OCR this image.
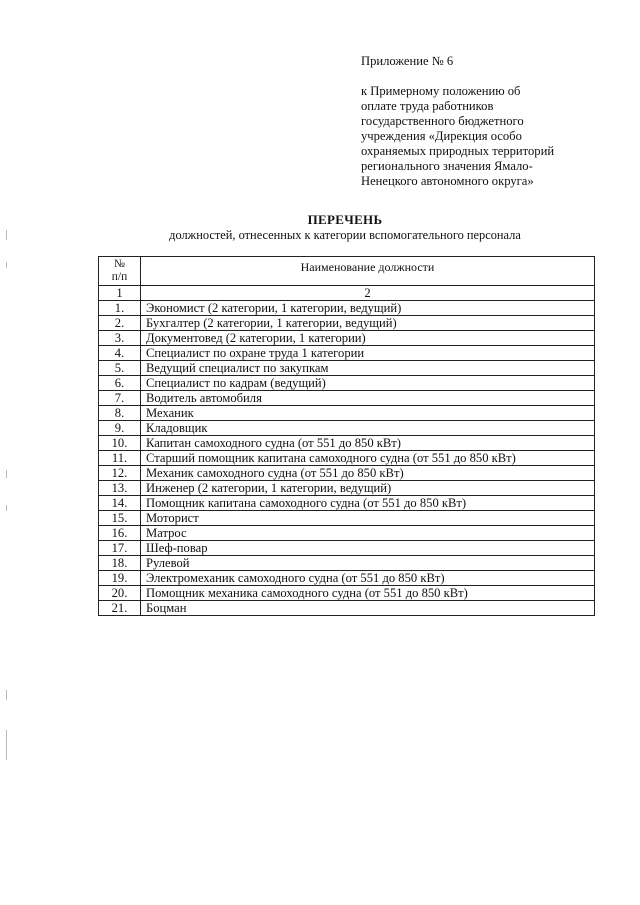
Приложение № 6
к Примерному положению об
оплате труда работников
государственного бюджетного
учреждения «Дирекция особо
охраняемых природных территорий
регионального значения Ямало-
Ненецкого автономного округа»
ПЕРЕЧЕНЬ
должностей, отнесенных к категории вспомогательного персонала
№
п/п	Наименование должности
1	2
1.	Экономист (2 категории, 1 категории, ведущий)
2.	Бухгалтер (2 категории, 1 категории, ведущий)
3.	Документовед (2 категории, 1 категории)
4.	Специалист по охране труда 1 категории
5.	Ведущий специалист по закупкам
6.	Специалист по кадрам (ведущий)
7.	Водитель автомобиля
8.	Механик
9.	Кладовщик
10.	Капитан самоходного судна (от 551 до 850 кВт)
11.	Старший помощник капитана самоходного судна (от 551 до 850 кВт)
12.	Механик самоходного судна (от 551 до 850 кВт)
13.	Инженер (2 категории, 1 категории, ведущий)
14.	Помощник капитана самоходного судна (от 551 до 850 кВт)
15.	Моторист
16.	Матрос
17.	Шеф-повар
18.	Рулевой
19.	Электромеханик самоходного судна (от 551 до 850 кВт)
20.	Помощник механика самоходного судна (от 551 до 850 кВт)
21.	Боцман
